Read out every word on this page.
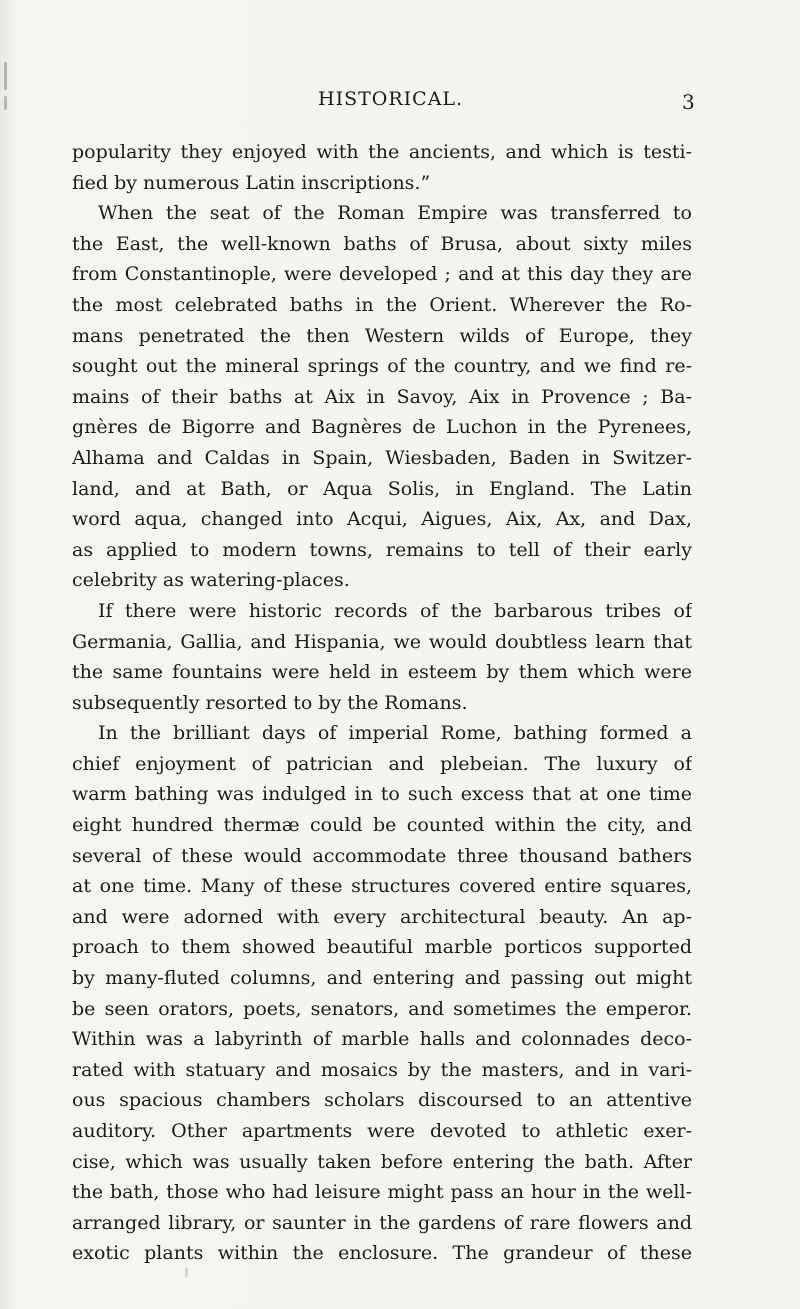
HISTORICAL.	3
popularity they enjoyed with the ancients, and which is testi-
fied by numerous Latin inscriptions.”
When the seat of the Roman Empire was transferred to
the East, the well-known baths of Brusa, about sixty miles
from Constantinople, were developed ; and at this day they are
the most celebrated baths in the Orient. Wherever the Ro-
mans penetrated the then Western wilds of Europe, they
sought out the mineral springs of the country, and we find re-
mains of their baths at Aix in Savoy, Aix in Provence ; Ba-
gnères de Bigorre and Bagnères de Luchon in the Pyrenees,
Alhama and Caldas in Spain, Wiesbaden, Baden in Switzer-
land, and at Bath, or Aqua Solis, in England. The Latin
word aqua, changed into Acqui, Aigues, Aix, Ax, and Dax,
as applied to modern towns, remains to tell of their early
celebrity as watering-places.
If there were historic records of the barbarous tribes of
Germania, Gallia, and Hispania, we would doubtless learn that
the same fountains were held in esteem by them which were
subsequently resorted to by the Romans.
In the brilliant days of imperial Rome, bathing formed a
chief enjoyment of patrician and plebeian. The luxury of
warm bathing was indulged in to such excess that at one time
eight hundred thermæ could be counted within the city, and
several of these would accommodate three thousand bathers
at one time. Many of these structures covered entire squares,
and were adorned with every architectural beauty. An ap-
proach to them showed beautiful marble porticos supported
by many-fluted columns, and entering and passing out might
be seen orators, poets, senators, and sometimes the emperor.
Within was a labyrinth of marble halls and colonnades deco-
rated with statuary and mosaics by the masters, and in vari-
ous spacious chambers scholars discoursed to an attentive
auditory. Other apartments were devoted to athletic exer-
cise, which was usually taken before entering the bath. After
the bath, those who had leisure might pass an hour in the well-
arranged library, or saunter in the gardens of rare flowers and
exotic plants within the enclosure. The grandeur of these
